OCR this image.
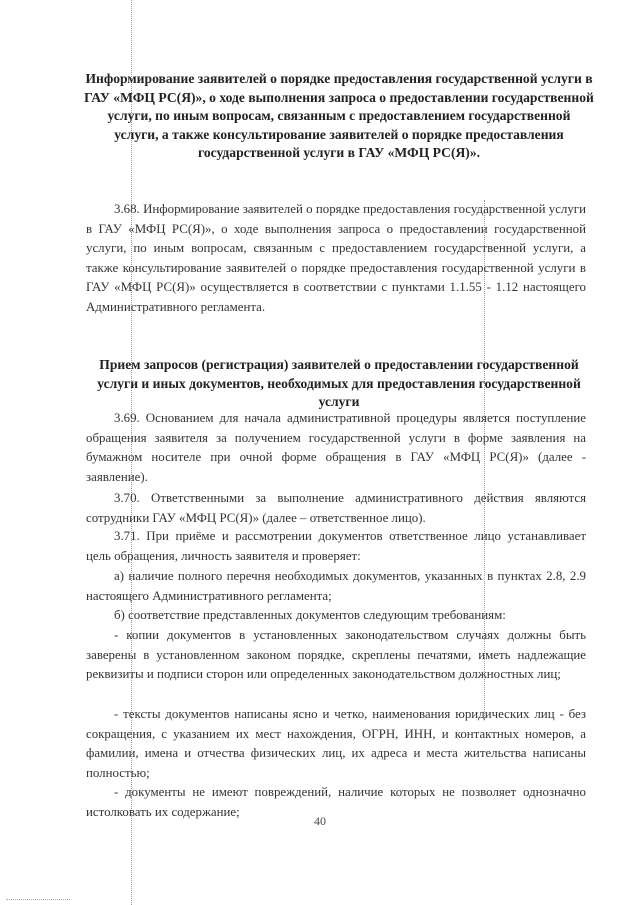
Информирование заявителей о порядке предоставления государственной услуги в ГАУ «МФЦ РС(Я)», о ходе выполнения запроса о предоставлении государственной услуги, по иным вопросам, связанным с предоставлением государственной услуги, а также консультирование заявителей о порядке предоставления государственной услуги в ГАУ «МФЦ РС(Я)».
3.68. Информирование заявителей о порядке предоставления государственной услуги в ГАУ «МФЦ РС(Я)», о ходе выполнения запроса о предоставлении государственной услуги, по иным вопросам, связанным с предоставлением государственной услуги, а также консультирование заявителей о порядке предоставления государственной услуги в ГАУ «МФЦ РС(Я)» осуществляется в соответствии с пунктами 1.1.55 - 1.12 настоящего Административного регламента.
Прием запросов (регистрация) заявителей о предоставлении государственной услуги и иных документов, необходимых для предоставления государственной услуги
3.69. Основанием для начала административной процедуры является поступление обращения заявителя за получением государственной услуги в форме заявления на бумажном носителе при очной форме обращения в ГАУ «МФЦ РС(Я)» (далее - заявление).
3.70. Ответственными за выполнение административного действия являются сотрудники ГАУ «МФЦ РС(Я)» (далее – ответственное лицо).
3.71. При приёме и рассмотрении документов ответственное лицо устанавливает цель обращения, личность заявителя и проверяет:
а) наличие полного перечня необходимых документов, указанных в пунктах 2.8, 2.9 настоящего Административного регламента;
б) соответствие представленных документов следующим требованиям:
- копии документов в установленных законодательством случаях должны быть заверены в установленном законом порядке, скреплены печатями, иметь надлежащие реквизиты и подписи сторон или определенных законодательством должностных лиц;
- тексты документов написаны ясно и четко, наименования юридических лиц - без сокращения, с указанием их мест нахождения, ОГРН, ИНН, и контактных номеров, а фамилии, имена и отчества физических лиц, их адреса и места жительства написаны полностью;
- документы не имеют повреждений, наличие которых не позволяет однозначно истолковать их содержание;
40
